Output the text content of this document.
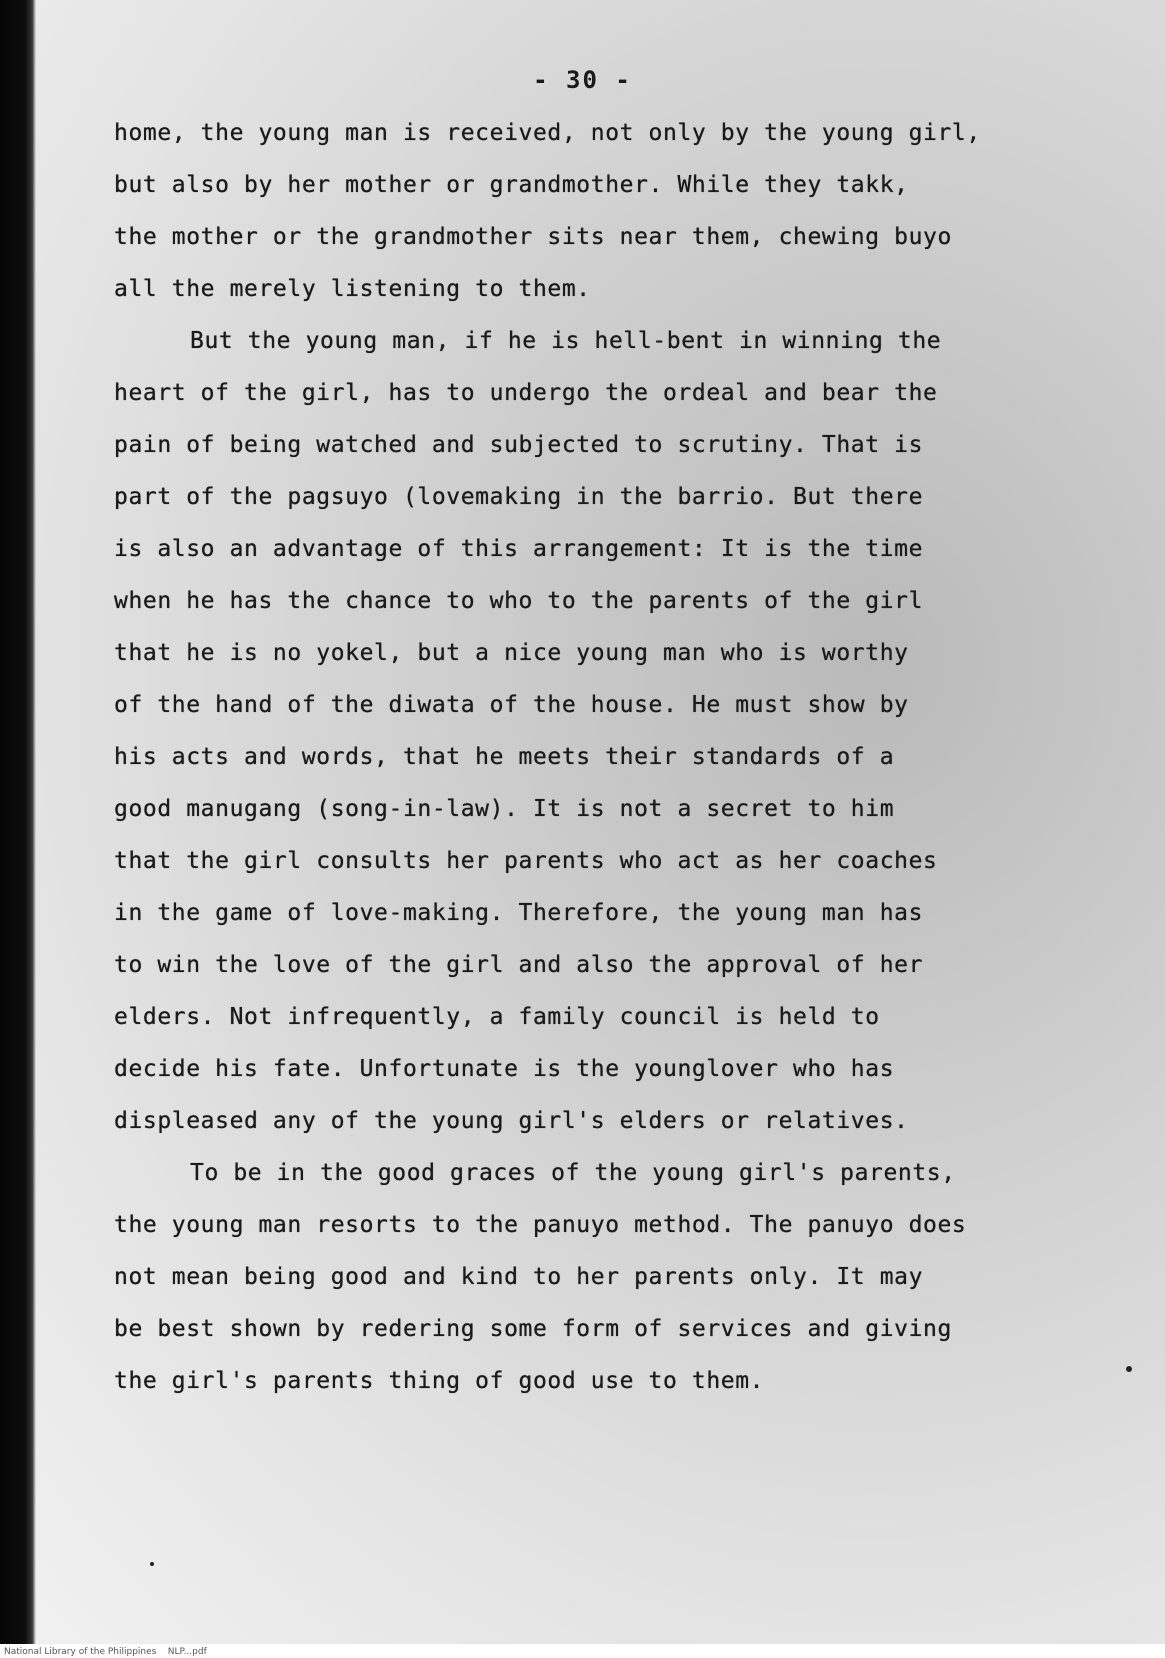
- 30 -
home, the young man is received, not only by the young girl,
but also by her mother or grandmother. While they takk,
the mother or the grandmother sits near them, chewing buyo
all the merely listening to them.
But the young man, if he is hell-bent in winning the
heart of the girl, has to undergo the ordeal and bear the
pain of being watched and subjected to scrutiny. That is
part of the pagsuyo (lovemaking in the barrio. But there
is also an advantage of this arrangement: It is the time
when he has the chance to who to the parents of the girl
that he is no yokel, but a nice young man who is worthy
of the hand of the diwata of the house. He must show by
his acts and words, that he meets their standards of a
good manugang (song-in-law). It is not a secret to him
that the girl consults her parents who act as her coaches
in the game of love-making. Therefore, the young man has
to win the love of the girl and also the approval of her
elders. Not infrequently, a family council is held to
decide his fate. Unfortunate is the younglover who has
displeased any of the young girl's elders or relatives.
To be in the good graces of the young girl's parents,
the young man resorts to the panuyo method. The panuyo does
not mean being good and kind to her parents only. It may
be best shown by redering some form of services and giving
the girl's parents thing of good use to them.
National Library of the Philippines    NLP...pdf
